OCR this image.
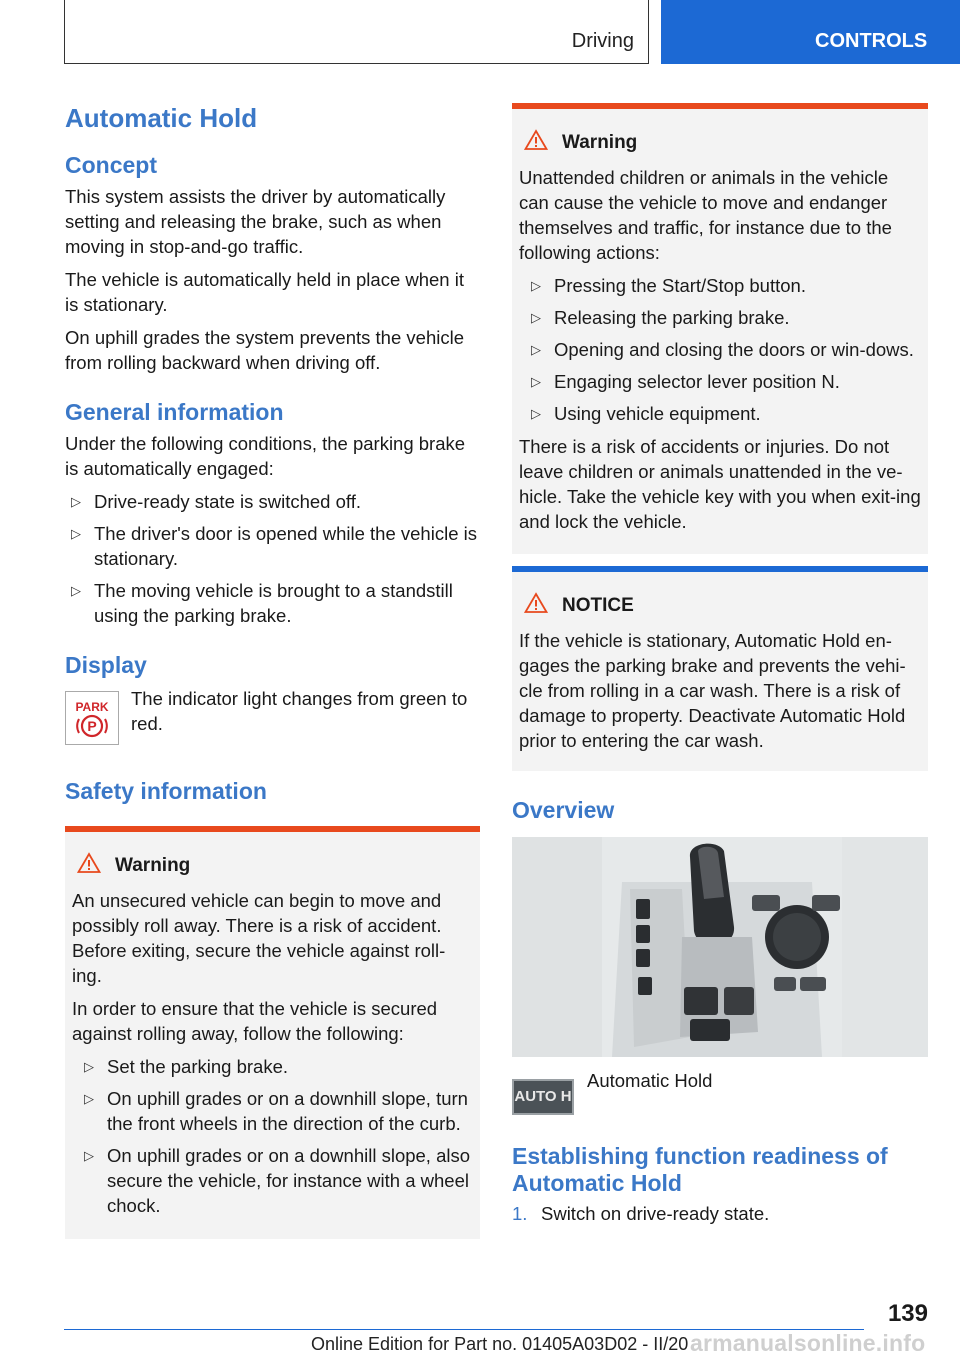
Driving	CONTROLS
Automatic Hold
Concept
This system assists the driver by automatically setting and releasing the brake, such as when moving in stop-and-go traffic.
The vehicle is automatically held in place when it is stationary.
On uphill grades the system prevents the vehicle from rolling backward when driving off.
General information
Under the following conditions, the parking brake is automatically engaged:
▷ Drive-ready state is switched off.
▷ The driver's door is opened while the vehicle is stationary.
▷ The moving vehicle is brought to a standstill using the parking brake.
Display
PARK
P
The indicator light changes from green to red.
Safety information
Warning
An unsecured vehicle can begin to move and possibly roll away. There is a risk of accident. Before exiting, secure the vehicle against roll-ing.
In order to ensure that the vehicle is secured against rolling away, follow the following:
▷ Set the parking brake.
▷ On uphill grades or on a downhill slope, turn the front wheels in the direction of the curb.
▷ On uphill grades or on a downhill slope, also secure the vehicle, for instance with a wheel chock.
Warning
Unattended children or animals in the vehicle can cause the vehicle to move and endanger themselves and traffic, for instance due to the following actions:
▷ Pressing the Start/Stop button.
▷ Releasing the parking brake.
▷ Opening and closing the doors or win-dows.
▷ Engaging selector lever position N.
▷ Using vehicle equipment.
There is a risk of accidents or injuries. Do not leave children or animals unattended in the ve-hicle. Take the vehicle key with you when exit-ing and lock the vehicle.
NOTICE
If the vehicle is stationary, Automatic Hold en-gages the parking brake and prevents the vehi-cle from rolling in a car wash. There is a risk of damage to property. Deactivate Automatic Hold prior to entering the car wash.
Overview
AUTO H
Automatic Hold
Establishing function readiness of Automatic Hold
1. Switch on drive-ready state.
139
Online Edition for Part no. 01405A03D02 - II/20 armanualsonline.info
